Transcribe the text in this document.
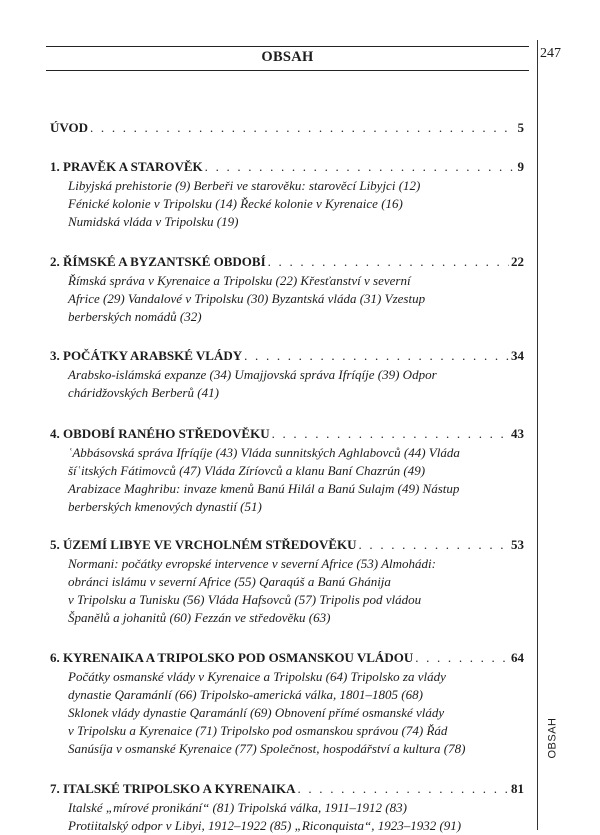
OBSAH	247
OBSAH
ÚVOD . . .	5
1. PRAVĚK A STAROVĚK . . .	9
Libyjská prehistorie (9) Berbeři ve starověku: starověcí Libyjci (12)
Fénické kolonie v Tripolsku (14) Řecké kolonie v Kyrenaice (16)
Numidská vláda v Tripolsku (19)
2. ŘÍMSKÉ A BYZANTSKÉ OBDOBÍ . . .	22
Římská správa v Kyrenaice a Tripolsku (22) Křesťanství v severní
Africe (29) Vandalové v Tripolsku (30) Byzantská vláda (31) Vzestup
berberských nomádů (32)
3. POČÁTKY ARABSKÉ VLÁDY . . .	34
Arabsko-islámská expanze (34) Umajjovská správa Ifríqíje (39) Odpor
cháridžovských Berberů (41)
4. OBDOBÍ RANÉHO STŘEDOVĚKU . . .	43
ʿAbbásovská správa Ifríqíje (43) Vláda sunnitských Aghlabovců (44) Vláda
šíʿitských Fátimovců (47) Vláda Zíríovců a klanu Baní Chazrún (49)
Arabizace Maghribu: invaze kmenů Banú Hilál a Banú Sulajm (49) Nástup
berberských kmenových dynastií (51)
5. ÚZEMÍ LIBYE VE VRCHOLNÉM STŘEDOVĚKU . . .	53
Normani: počátky evropské intervence v severní Africe (53) Almohádi:
obránci islámu v severní Africe (55) Qaraqúš a Banú Ghánija
v Tripolsku a Tunisku (56) Vláda Hafsovců (57) Tripolis pod vládou
Španělů a johanitů (60) Fezzán ve středověku (63)
6. KYRENAIKA A TRIPOLSKO POD OSMANSKOU VLÁDOU . . .	64
Počátky osmanské vlády v Kyrenaice a Tripolsku (64) Tripolsko za vlády
dynastie Qaramánlí (66) Tripolsko-americká válka, 1801–1805 (68)
Sklonek vlády dynastie Qaramánlí (69) Obnovení přímé osmanské vlády
v Tripolsku a Kyrenaice (71) Tripolsko pod osmanskou správou (74) Řád
Sanúsíja v osmanské Kyrenaice (77) Společnost, hospodářství a kultura (78)
7. ITALSKÉ TRIPOLSKO A KYRENAIKA . . .	81
Italské „mírové pronikání“ (81) Tripolská válka, 1911–1912 (83)
Protiitalský odpor v Libyi, 1912–1922 (85) „Riconquista“, 1923–1932 (91)
